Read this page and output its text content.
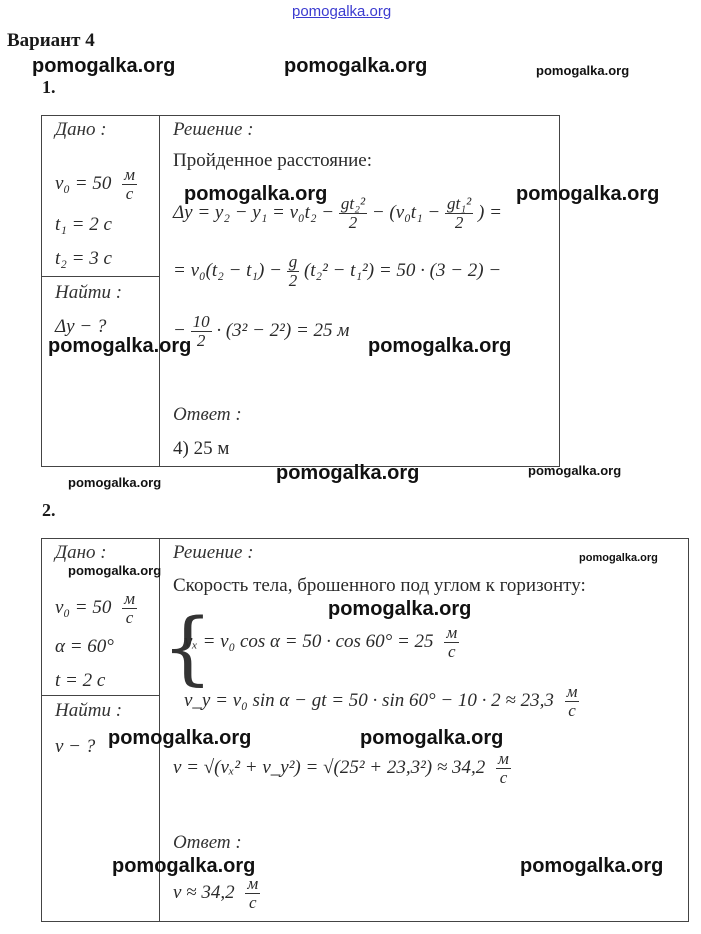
pomogalka.org
Вариант 4
pomogalka.org	pomogalka.org	pomogalka.org
1.
Дано :
$v_0 = 50 \frac{м}{с}$
t₁ = 2 с
t₂ = 3 с
Найти :
Δy − ?
Решение :
Пройденное расстояние:
$\Delta y = y_2 - y_1 = v_0t_2 - \frac{\text{gt₂²}}{2} - (v_0t_1 - \frac{\text{gt₁²}}{2}$ ) =
= $v_0(t_2 - t_1) - \frac{g}{2} (t_2^2 - t_1^2) = 50 \cdot (3 - 2)$ −
− $\frac{10}{2} \cdot (3^2 - 2^2) = 25$ м
Ответ :
4) 25 м
pomogalka.org	pomogalka.org
pomogalka.org	pomogalka.org
pomogalka.org	pomogalka.org	pomogalka.org
2.
Дано :
$v_0 = 50 \frac{м}{с}$
α = 60°
t = 2 с
Найти :
v − ?
Решение :
Скорость тела, брошенного под углом к горизонту:
{
vₓ = v₀ $\cos \alpha = 50 \cdot \cos 60^\circ = 25 \frac{м}{с}$
v_y = v₀ sin α − gt = $50 \cdot \sin 60^\circ - 10 \cdot 2 \approx 23,3 \frac{м}{с}$
v = √(vₓ² + v_y²) = $√(25^2 + 23,3^2) \approx 34,2 \frac{м}{с}$
Ответ :
$v \approx 34,2 \frac{м}{с}$
pomogalka.org
pomogalka.org
pomogalka.org
pomogalka.org	pomogalka.org
pomogalka.org	pomogalka.org
